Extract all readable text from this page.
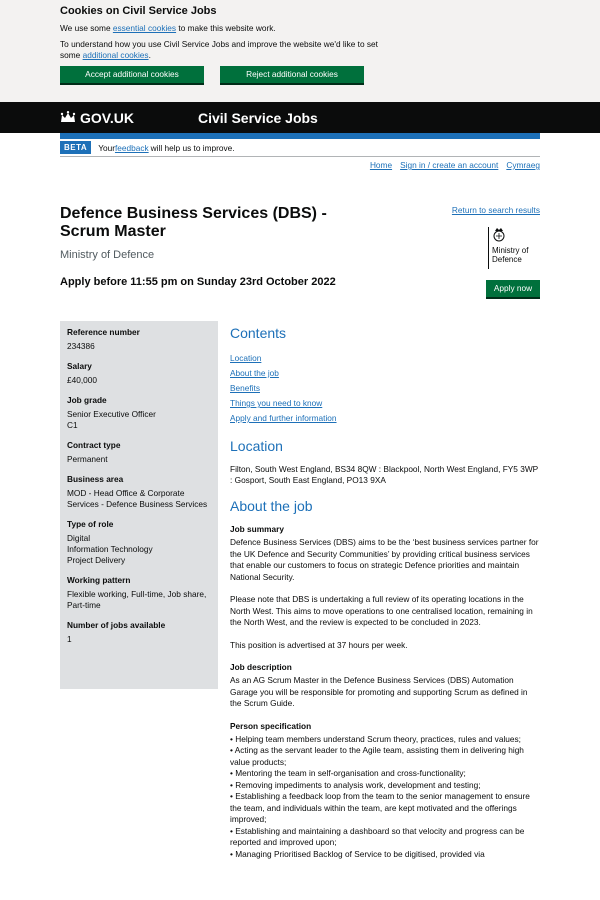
Cookies on Civil Service Jobs

We use some essential cookies to make this website work.

To understand how you use Civil Service Jobs and improve the website we'd like to set some additional cookies.

Accept additional cookies	Reject additional cookies
GOV.UK	Civil Service Jobs
BETA	Your feedback will help us to improve.
Home Sign in / create an account Cymraeg
Defence Business Services (DBS) - Scrum Master
Ministry of Defence
Apply before 11:55 pm on Sunday 23rd October 2022
Return to search results
Ministry of Defence
Apply now
Reference number
234386
Salary
£40,000
Job grade
Senior Executive Officer
C1
Contract type
Permanent
Business area
MOD - Head Office & Corporate Services - Defence Business Services
Type of role
Digital
Information Technology
Project Delivery
Working pattern
Flexible working, Full-time, Job share, Part-time
Number of jobs available
1
Contents
Location
About the job
Benefits
Things you need to know
Apply and further information
Location
Filton, South West England, BS34 8QW : Blackpool, North West England, FY5 3WP : Gosport, South East England, PO13 9XA
About the job
Job summary
Defence Business Services (DBS) aims to be the ‘best business services partner for the UK Defence and Security Communities’ by providing critical business services that enable our customers to focus on strategic Defence priorities and maintain National Security.
Please note that DBS is undertaking a full review of its operating locations in the North West. This aims to move operations to one centralised location, remaining in the North West, and the review is expected to be concluded in 2023.
This position is advertised at 37 hours per week.
Job description
As an AG Scrum Master in the Defence Business Services (DBS) Automation Garage you will be responsible for promoting and supporting Scrum as defined in the Scrum Guide.
Person specification
• Helping team members understand Scrum theory, practices, rules and values;
• Acting as the servant leader to the Agile team, assisting them in delivering high value products;
• Mentoring the team in self-organisation and cross-functionality;
• Removing impediments to analysis work, development and testing;
• Establishing a feedback loop from the team to the senior management to ensure the team, and individuals within the team, are kept motivated and the offerings improved;
• Establishing and maintaining a dashboard so that velocity and progress can be reported and improved upon;
• Managing Prioritised Backlog of Service to be digitised, provided via
